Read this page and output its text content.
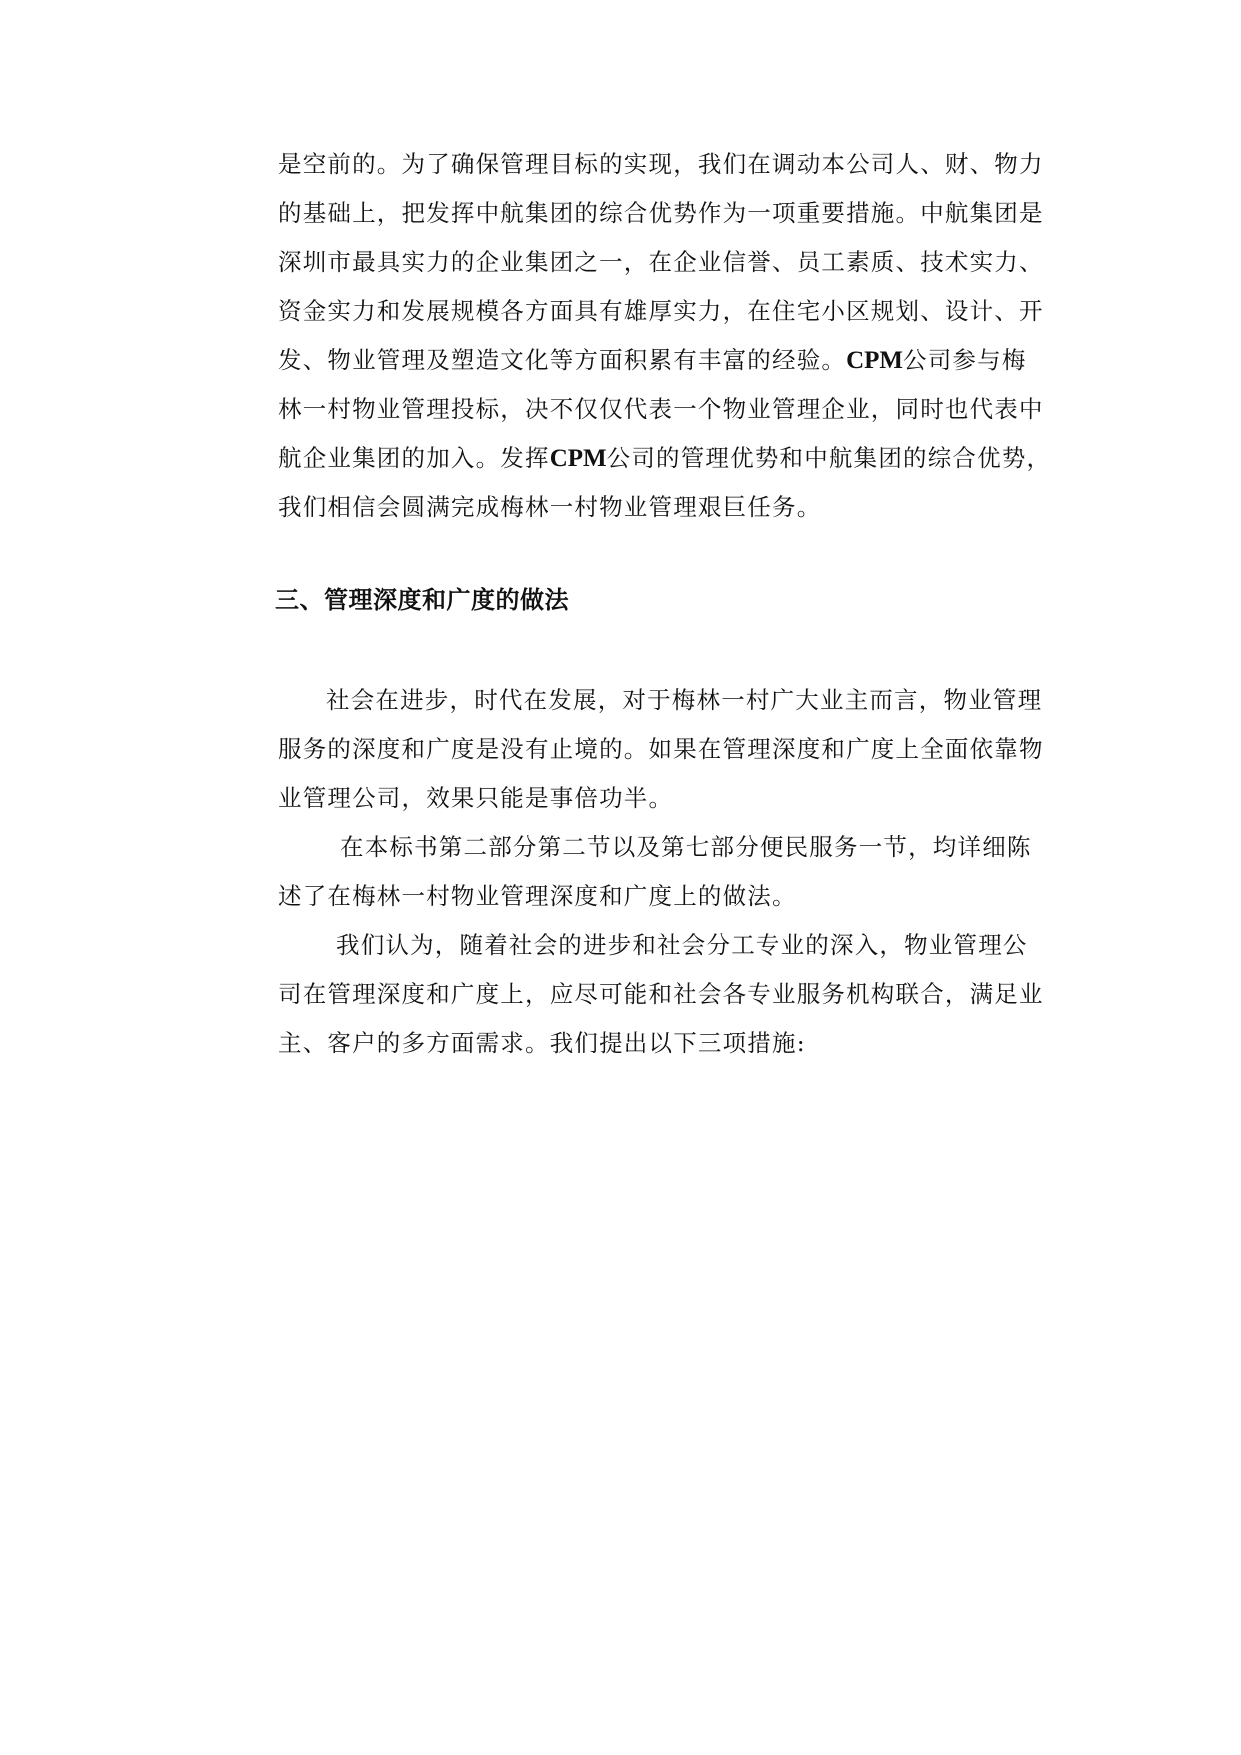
是空前的。为了确保管理目标的实现，我们在调动本公司人、财、物力
的基础上，把发挥中航集团的综合优势作为一项重要措施。中航集团是
深圳市最具实力的企业集团之一，在企业信誉、员工素质、技术实力、
资金实力和发展规模各方面具有雄厚实力，在住宅小区规划、设计、开
发、物业管理及塑造文化等方面积累有丰富的经验。CPM公司参与梅
林一村物业管理投标，决不仅仅代表一个物业管理企业，同时也代表中
航企业集团的加入。发挥CPM公司的管理优势和中航集团的综合优势，
我们相信会圆满完成梅林一村物业管理艰巨任务。
三、管理深度和广度的做法
社会在进步，时代在发展，对于梅林一村广大业主而言，物业管理
服务的深度和广度是没有止境的。如果在管理深度和广度上全面依靠物
业管理公司，效果只能是事倍功半。
在本标书第二部分第二节以及第七部分便民服务一节，均详细陈
述了在梅林一村物业管理深度和广度上的做法。
我们认为，随着社会的进步和社会分工专业的深入，物业管理公
司在管理深度和广度上，应尽可能和社会各专业服务机构联合，满足业
主、客户的多方面需求。我们提出以下三项措施:
